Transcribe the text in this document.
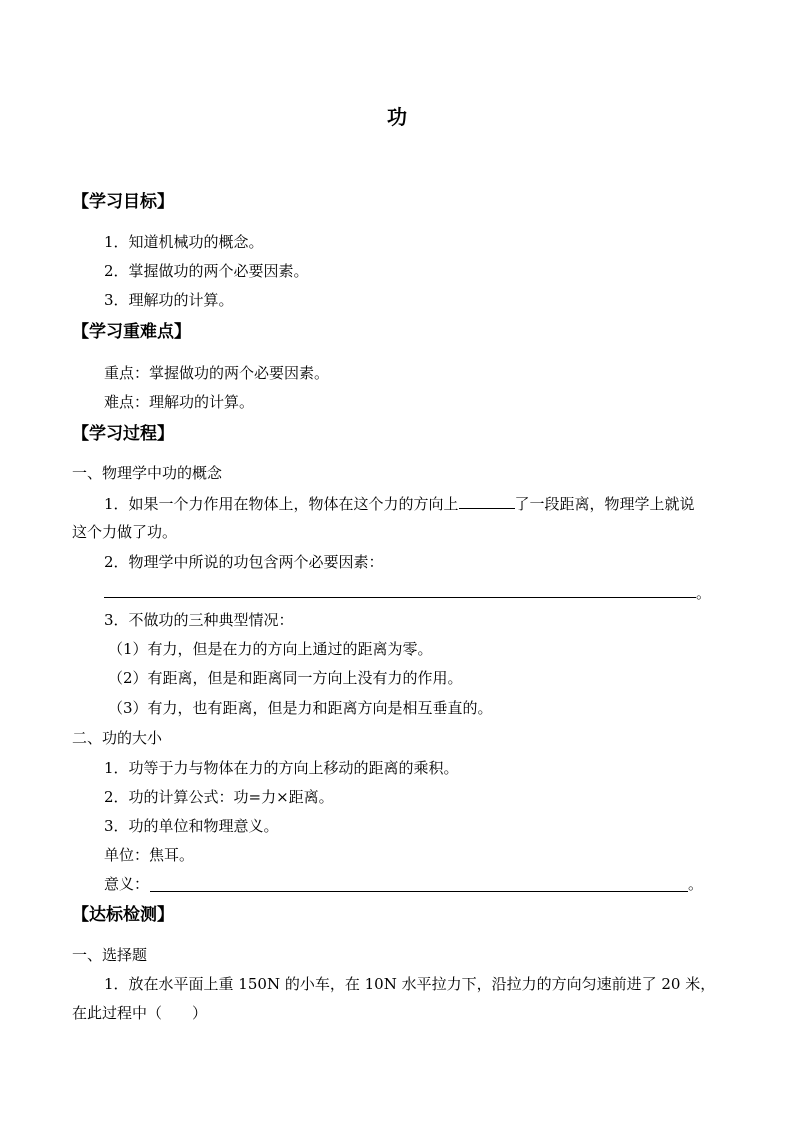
功
【学习目标】
1．知道机械功的概念。
2．掌握做功的两个必要因素。
3．理解功的计算。
【学习重难点】
重点：掌握做功的两个必要因素。
难点：理解功的计算。
【学习过程】
一、物理学中功的概念
1．如果一个力作用在物体上，物体在这个力的方向上	了一段距离，物理学上就说
这个力做了功。
2．物理学中所说的功包含两个必要因素：
。
3．不做功的三种典型情况：
（1）有力，但是在力的方向上通过的距离为零。
（2）有距离，但是和距离同一方向上没有力的作用。
（3）有力，也有距离，但是力和距离方向是相互垂直的。
二、功的大小
1．功等于力与物体在力的方向上移动的距离的乘积。
2．功的计算公式：功=力×距离。
3．功的单位和物理意义。
单位：焦耳。
意义：	。
【达标检测】
一、选择题
1．放在水平面上重 150N 的小车，在 10N 水平拉力下，沿拉力的方向匀速前进了 20 米，
在此过程中（　　）
